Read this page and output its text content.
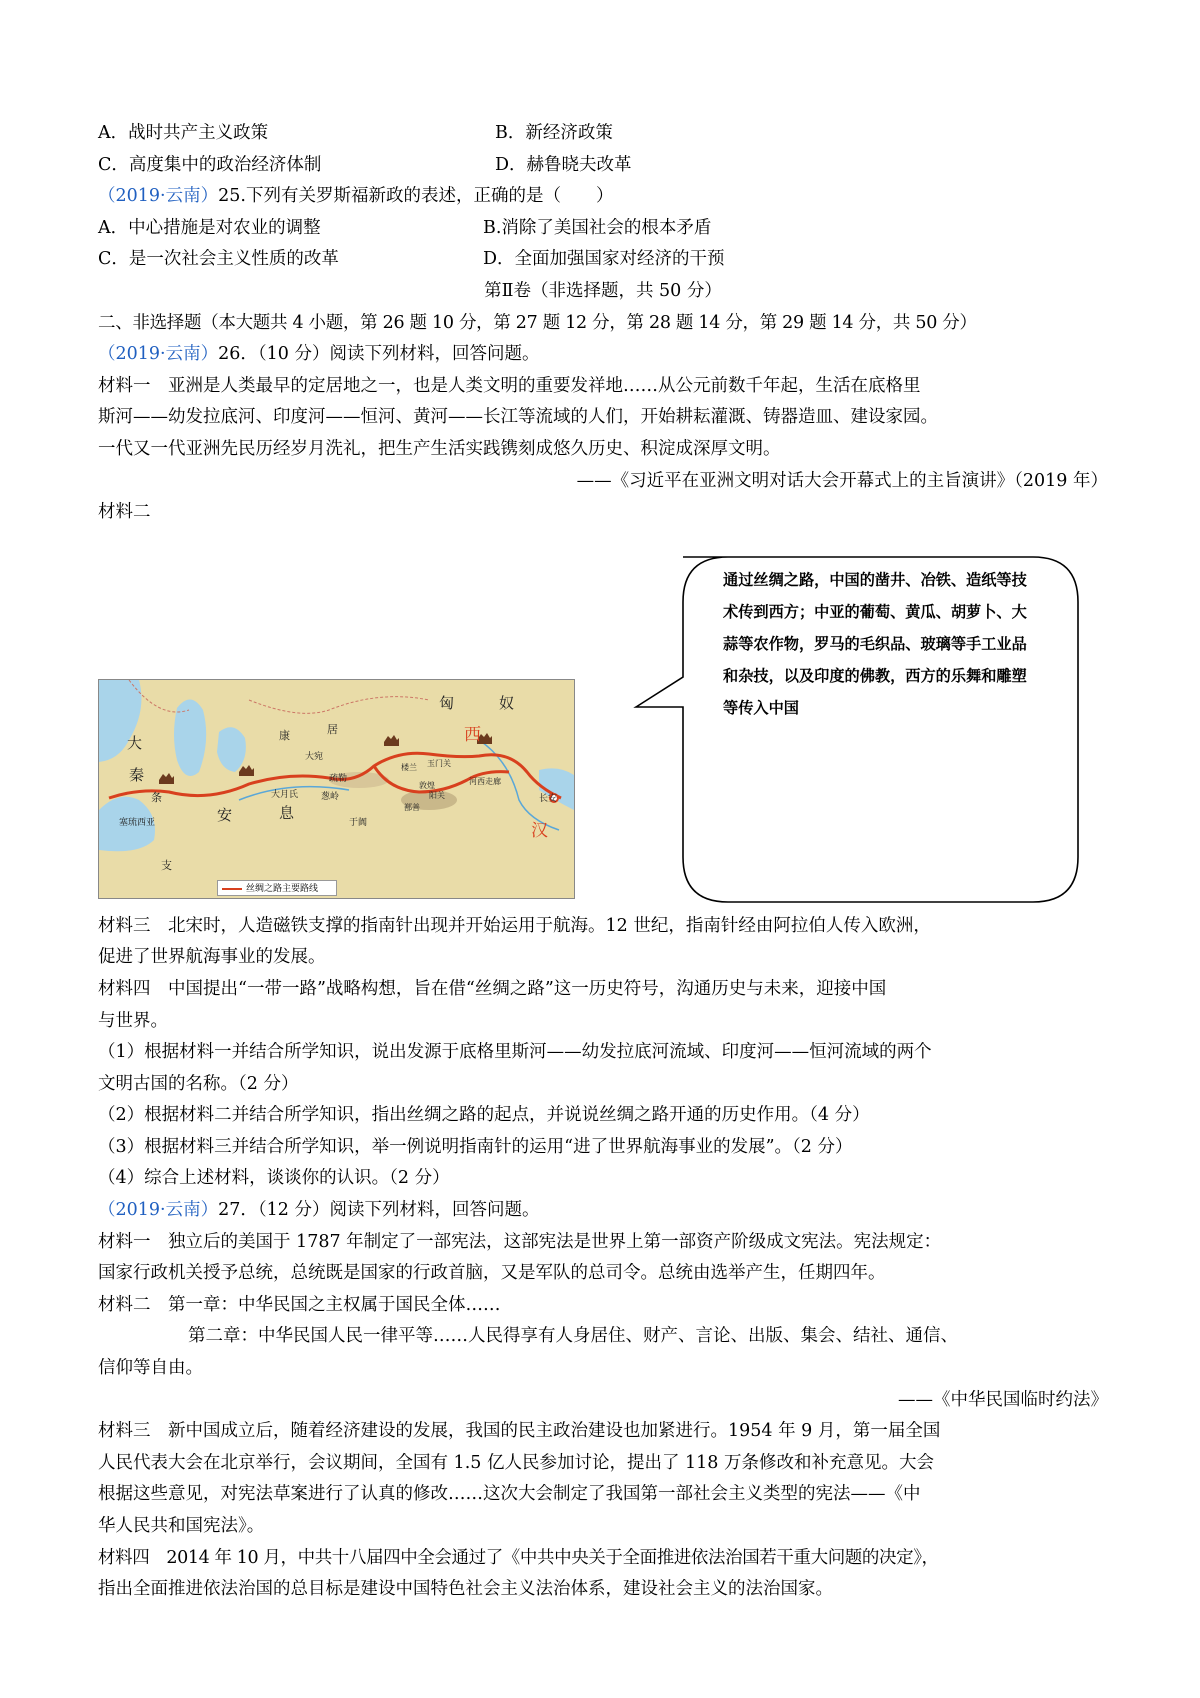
A．战时共产主义政策	B．新经济政策
C．高度集中的政治经济体制	D．赫鲁晓夫改革
（2019·云南）25.下列有关罗斯福新政的表述，正确的是（　　）
A．中心措施是对农业的调整	B.消除了美国社会的根本矛盾
C．是一次社会主义性质的改革	D．全面加强国家对经济的干预
第Ⅱ卷（非选择题，共 50 分）
二、非选择题（本大题共 4 小题，第 26 题 10 分，第 27 题 12 分，第 28 题 14 分，第 29 题 14 分，共 50 分）
（2019·云南）26．（10 分）阅读下列材料，回答问题。
材料一　亚洲是人类最早的定居地之一，也是人类文明的重要发祥地……从公元前数千年起，生活在底格里
斯河——幼发拉底河、印度河——恒河、黄河——长江等流域的人们，开始耕耘灌溉、铸器造皿、建设家园。
一代又一代亚洲先民历经岁月洗礼，把生产生活实践镌刻成悠久历史、积淀成深厚文明。
——《习近平在亚洲文明对话大会开幕式上的主旨演讲》（2019 年）
材料二
通过丝绸之路，中国的凿井、冶铁、造纸等技
术传到西方；中亚的葡萄、黄瓜、胡萝卜、大
蒜等农作物，罗马的毛织品、玻璃等手工业品
和杂技，以及印度的佛教，西方的乐舞和雕塑
等传入中国
匈	奴
大
秦
条
安	息
支
康	居
大宛
大月氏
疏勒
葱岭
于阗
楼兰 玉门关
敦煌
阳关
鄯善
河西走廊
西
汉
长安
塞琉西亚
丝绸之路主要路线
材料三　北宋时，人造磁铁支撑的指南针出现并开始运用于航海。12 世纪，指南针经由阿拉伯人传入欧洲，
促进了世界航海事业的发展。
材料四　中国提出“一带一路”战略构想，旨在借“丝绸之路”这一历史符号，沟通历史与未来，迎接中国
与世界。
（1）根据材料一并结合所学知识，说出发源于底格里斯河——幼发拉底河流域、印度河——恒河流域的两个
文明古国的名称。（2 分）
（2）根据材料二并结合所学知识，指出丝绸之路的起点，并说说丝绸之路开通的历史作用。（4 分）
（3）根据材料三并结合所学知识，举一例说明指南针的运用“进了世界航海事业的发展”。（2 分）
（4）综合上述材料，谈谈你的认识。（2 分）
（2019·云南）27．（12 分）阅读下列材料，回答问题。
材料一　独立后的美国于 1787 年制定了一部宪法，这部宪法是世界上第一部资产阶级成文宪法。宪法规定：
国家行政机关授予总统，总统既是国家的行政首脑，又是军队的总司令。总统由选举产生，任期四年。
材料二　第一章：中华民国之主权属于国民全体……
第二章：中华民国人民一律平等……人民得享有人身居住、财产、言论、出版、集会、结社、通信、
信仰等自由。
——《中华民国临时约法》
材料三　新中国成立后，随着经济建设的发展，我国的民主政治建设也加紧进行。1954 年 9 月，第一届全国
人民代表大会在北京举行，会议期间，全国有 1.5 亿人民参加讨论，提出了 118 万条修改和补充意见。大会
根据这些意见，对宪法草案进行了认真的修改……这次大会制定了我国第一部社会主义类型的宪法——《中
华人民共和国宪法》。
材料四　2014 年 10 月，中共十八届四中全会通过了《中共中央关于全面推进依法治国若干重大问题的决定》，
指出全面推进依法治国的总目标是建设中国特色社会主义法治体系，建设社会主义的法治国家。
